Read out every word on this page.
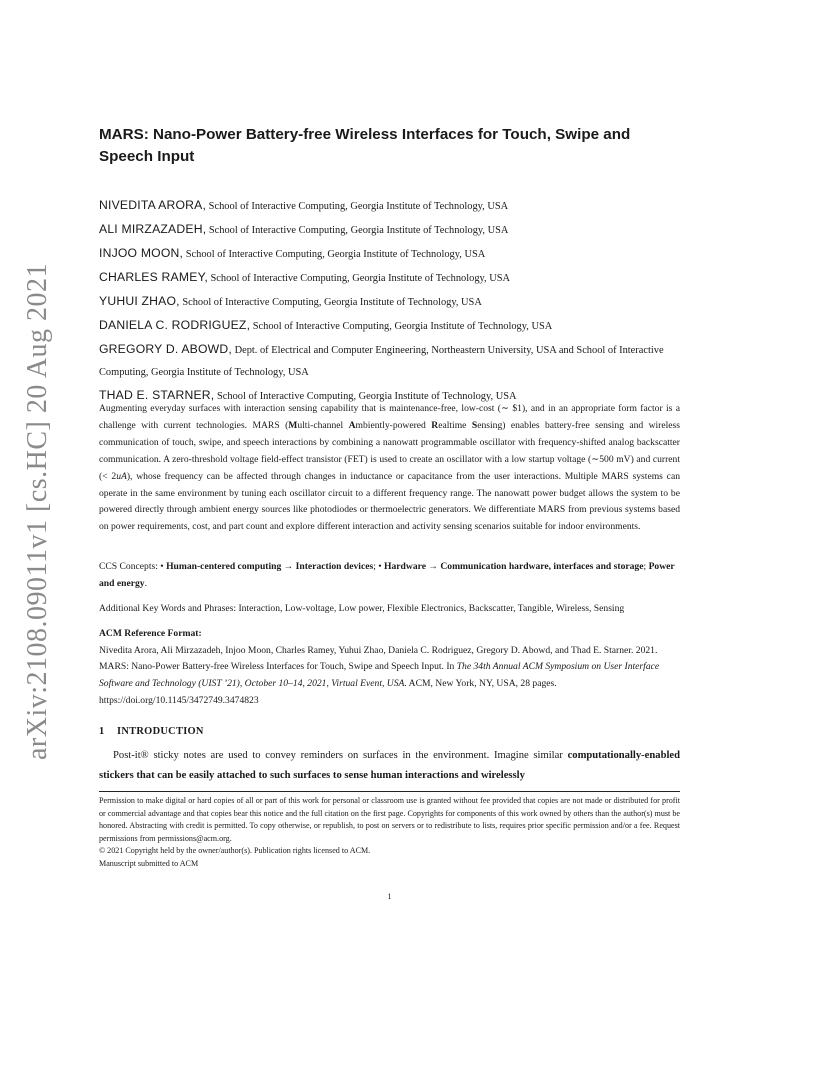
arXiv:2108.09011v1 [cs.HC] 20 Aug 2021
MARS: Nano-Power Battery-free Wireless Interfaces for Touch, Swipe and Speech Input
NIVEDITA ARORA, School of Interactive Computing, Georgia Institute of Technology, USA
ALI MIRZAZADEH, School of Interactive Computing, Georgia Institute of Technology, USA
INJOO MOON, School of Interactive Computing, Georgia Institute of Technology, USA
CHARLES RAMEY, School of Interactive Computing, Georgia Institute of Technology, USA
YUHUI ZHAO, School of Interactive Computing, Georgia Institute of Technology, USA
DANIELA C. RODRIGUEZ, School of Interactive Computing, Georgia Institute of Technology, USA
GREGORY D. ABOWD, Dept. of Electrical and Computer Engineering, Northeastern University, USA and School of Interactive Computing, Georgia Institute of Technology, USA
THAD E. STARNER, School of Interactive Computing, Georgia Institute of Technology, USA

Augmenting everyday surfaces with interaction sensing capability that is maintenance-free, low-cost (∼ $1), and in an appropriate form factor is a challenge with current technologies. MARS (Multi-channel Ambiently-powered Realtime Sensing) enables battery-free sensing and wireless communication of touch, swipe, and speech interactions by combining a nanowatt programmable oscillator with frequency-shifted analog backscatter communication. A zero-threshold voltage field-effect transistor (FET) is used to create an oscillator with a low startup voltage (∼500 mV) and current (< 2uA), whose frequency can be affected through changes in inductance or capacitance from the user interactions. Multiple MARS systems can operate in the same environment by tuning each oscillator circuit to a different frequency range. The nanowatt power budget allows the system to be powered directly through ambient energy sources like photodiodes or thermoelectric generators. We differentiate MARS from previous systems based on power requirements, cost, and part count and explore different interaction and activity sensing scenarios suitable for indoor environments.

CCS Concepts: • Human-centered computing → Interaction devices; • Hardware → Communication hardware, interfaces and storage; Power and energy.

Additional Key Words and Phrases: Interaction, Low-voltage, Low power, Flexible Electronics, Backscatter, Tangible, Wireless, Sensing

ACM Reference Format:
Nivedita Arora, Ali Mirzazadeh, Injoo Moon, Charles Ramey, Yuhui Zhao, Daniela C. Rodriguez, Gregory D. Abowd, and Thad E. Starner. 2021. MARS: Nano-Power Battery-free Wireless Interfaces for Touch, Swipe and Speech Input. In The 34th Annual ACM Symposium on User Interface Software and Technology (UIST ’21), October 10–14, 2021, Virtual Event, USA. ACM, New York, NY, USA, 28 pages. https://doi.org/10.1145/3472749.3474823
1 INTRODUCTION

Post-it® sticky notes are used to convey reminders on surfaces in the environment. Imagine similar computationally-enabled stickers that can be easily attached to such surfaces to sense human interactions and wirelessly

Permission to make digital or hard copies of all or part of this work for personal or classroom use is granted without fee provided that copies are not made or distributed for profit or commercial advantage and that copies bear this notice and the full citation on the first page. Copyrights for components of this work owned by others than the author(s) must be honored. Abstracting with credit is permitted. To copy otherwise, or republish, to post on servers or to redistribute to lists, requires prior specific permission and/or a fee. Request permissions from permissions@acm.org.
© 2021 Copyright held by the owner/author(s). Publication rights licensed to ACM.
Manuscript submitted to ACM

1
